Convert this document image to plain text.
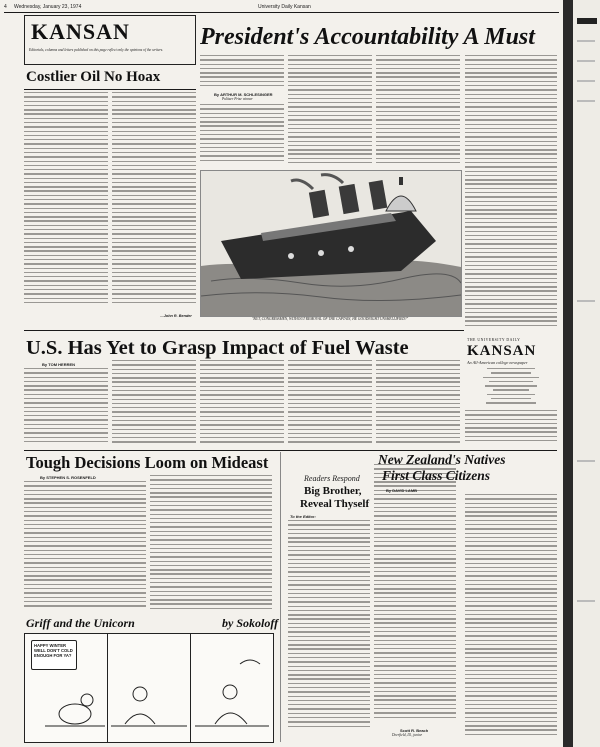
4 Wednesday, January 23, 1974	University Daily Kansan
KANSAN
Editorials, columns and letters published on this page reflect only the opinions of the writers.	President's Accountability A Must
Costlier Oil No Hoax
—John R. Bender
By ARTHUR M. SCHLESINGER
Pulitzer Prize winner
"BUT, CONGRESSMEN, WITHOUT REMOVAL OF THE CAPTAIN, HE GOODNIGHT UNSHELLIFIED?"
U.S. Has Yet to Grasp Impact of Fuel Waste
By TOM HERREN
THE UNIVERSITY DAILY
KANSAN
An All-American college newspaper
Tough Decisions Loom on Mideast
By STEPHEN S. ROSENFELD
Griff and the Unicorn	by Sokoloff
HAPPY WINTER WELL DON'T COLD ENOUGH FOR YA?
Readers Respond
Big Brother,
Reveal Thyself
To the Editor:
Scott R. Beach
Deerfield, Ill., junior
New Zealand's Natives
First Class Citizens
By DAVID LAMB
